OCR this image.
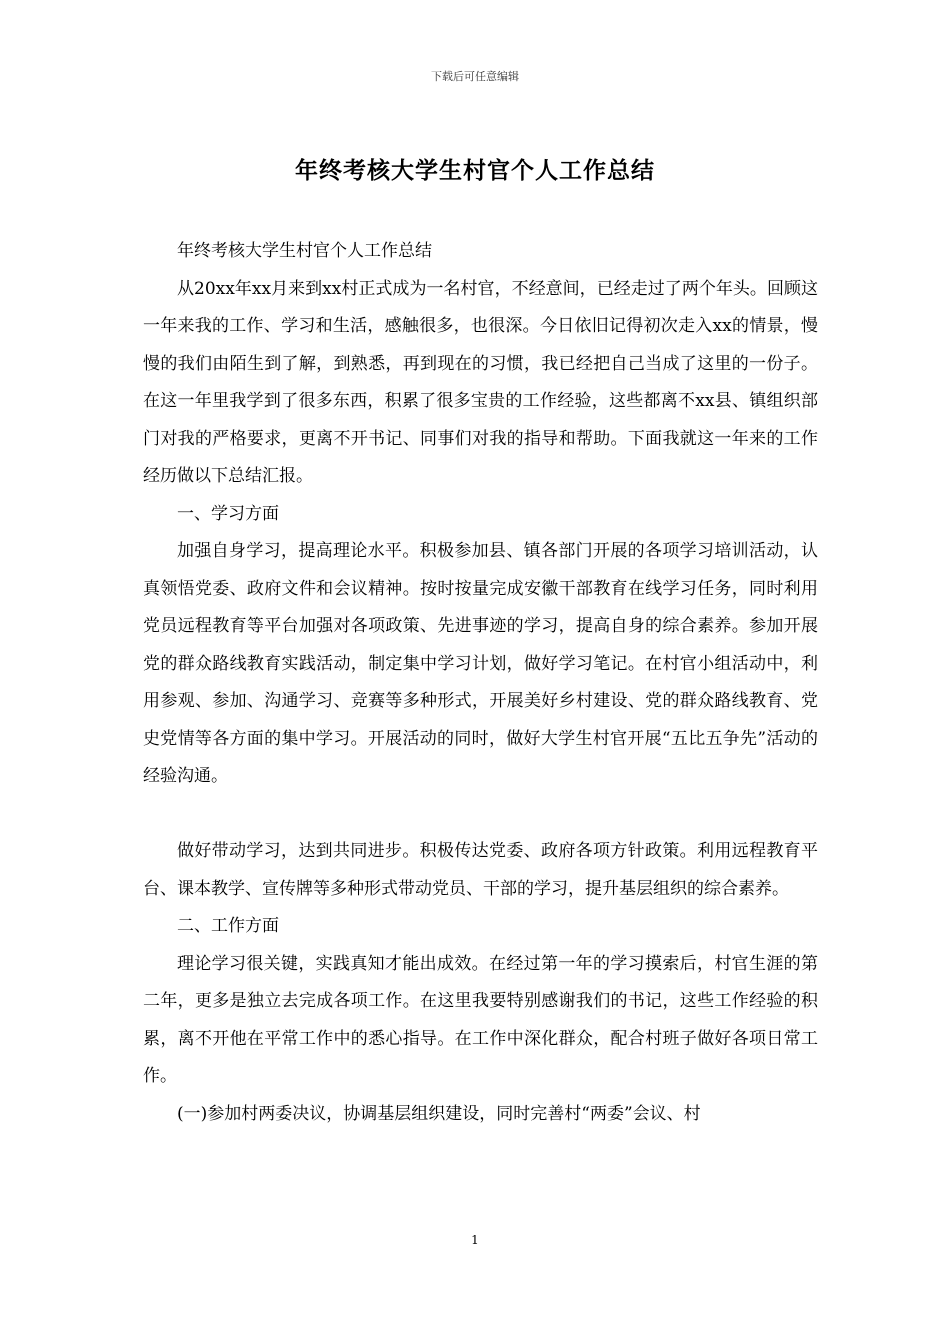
下载后可任意编辑
年终考核大学生村官个人工作总结

年终考核大学生村官个人工作总结

从20xx年xx月来到xx村正式成为一名村官，不经意间，已经走过了两个年头。回顾这一年来我的工作、学习和生活，感触很多，也很深。今日依旧记得初次走入xx的情景，慢慢的我们由陌生到了解，到熟悉，再到现在的习惯，我已经把自己当成了这里的一份子。在这一年里我学到了很多东西，积累了很多宝贵的工作经验，这些都离不xx县、镇组织部门对我的严格要求，更离不开书记、同事们对我的指导和帮助。下面我就这一年来的工作经历做以下总结汇报。

一、学习方面

加强自身学习，提高理论水平。积极参加县、镇各部门开展的各项学习培训活动，认真领悟党委、政府文件和会议精神。按时按量完成安徽干部教育在线学习任务，同时利用党员远程教育等平台加强对各项政策、先进事迹的学习，提高自身的综合素养。参加开展党的群众路线教育实践活动，制定集中学习计划，做好学习笔记。在村官小组活动中，利用参观、参加、沟通学习、竞赛等多种形式，开展美好乡村建设、党的群众路线教育、党史党情等各方面的集中学习。开展活动的同时，做好大学生村官开展“五比五争先”活动的经验沟通。

做好带动学习，达到共同进步。积极传达党委、政府各项方针政策。利用远程教育平台、课本教学、宣传牌等多种形式带动党员、干部的学习，提升基层组织的综合素养。

二、工作方面

理论学习很关键，实践真知才能出成效。在经过第一年的学习摸索后，村官生涯的第二年，更多是独立去完成各项工作。在这里我要特别感谢我们的书记，这些工作经验的积累，离不开他在平常工作中的悉心指导。在工作中深化群众，配合村班子做好各项日常工作。

(一)参加村两委决议，协调基层组织建设，同时完善村“两委”会议、村

1
